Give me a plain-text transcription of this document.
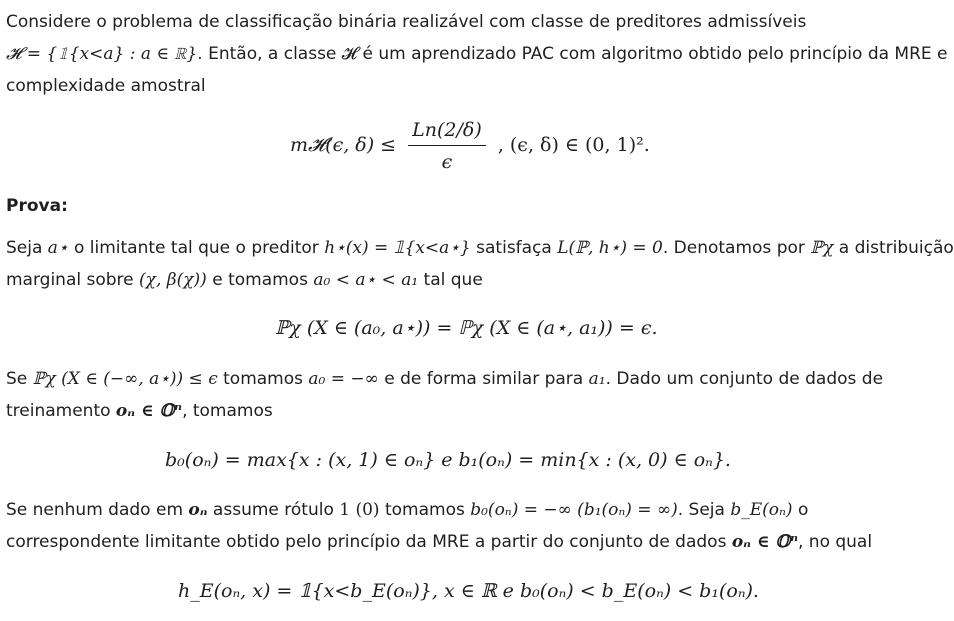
Considere o problema de classificação binária realizável com classe de preditores admissíveis
𝓗 = {𝟙{x<a} : a ∈ ℝ}. Então, a classe 𝓗 é um aprendizado PAC com algoritmo obtido pelo princípio da MRE e
complexidade amostral
m𝓗(ϵ, $\delta) \le \frac{Ln(2/\delta)}{\epsilon}$ , (ϵ, δ) ∈ (0, 1)².
Prova:
Seja a⋆ o limitante tal que o preditor h⋆(x) = 𝟙{x<a⋆} satisfaça L(ℙ, h⋆) = 0. Denotamos por ℙχ a distribuição
marginal sobre (χ, β(χ)) e tomamos a₀ < a⋆ < a₁ tal que
ℙχ (X ∈ (a₀, a⋆)) = ℙχ (X ∈ (a⋆, a₁)) = ϵ.
Se ℙχ (X ∈ (−∞, a⋆)) ≤ ϵ tomamos a₀ = −∞ e de forma similar para a₁. Dado um conjunto de dados de
treinamento oₙ ∈ 𝕆ⁿ, tomamos
b₀(oₙ) = max{x : (x, 1) ∈ oₙ} e b₁(oₙ) = min{x : (x, 0) ∈ oₙ}.
Se nenhum dado em oₙ assume rótulo 1 (0) tomamos b₀(oₙ) = −∞ (b₁(oₙ) = ∞). Seja b_E(oₙ) o
correspondente limitante obtido pelo princípio da MRE a partir do conjunto de dados oₙ ∈ 𝕆ⁿ, no qual
h_E(oₙ, x) = 𝟙{x<b_E(oₙ)}, x ∈ ℝ e b₀(oₙ) < b_E(oₙ) < b₁(oₙ).
